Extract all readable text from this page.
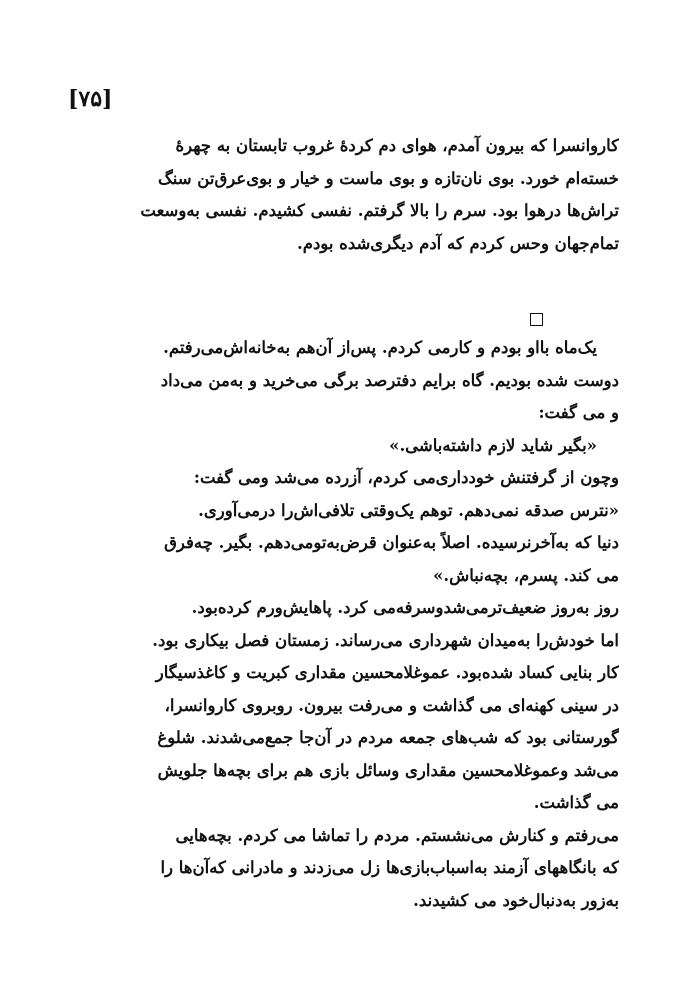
[۷۵]
کاروانسرا که بیرون آمدم، هوای دم کردهٔ غروب تابستان به چهرهٔ
خسته‌ام خورد. بوی نان‌تازه و بوی ماست و خیار و بوی‌عرق‌تن سنگ‌
تراش‌ها درهوا بود. سرم را بالا گرفتم. نفسی کشیدم. نفسی به‌وسعت
تمام‌جهان وحس کردم که آدم دیگری‌شده بودم.
یک‌ماه بااو بودم و کارمی کردم. پس‌از آن‌هم به‌خانه‌اش‌می‌رفتم.
دوست شده بودیم. گاه برایم دفترصد برگی می‌خرید و به‌من می‌داد
و می گفت:
«بگیر شاید لازم داشته‌باشی.»
وچون از گرفتنش خودداری‌می کردم، آزرده می‌شد ومی گفت:
«نترس صدقه نمی‌دهم. توهم یک‌وقتی تلافی‌اش‌را درمی‌آوری.
دنیا که به‌آخرنرسیده. اصلاً به‌عنوان قرض‌به‌تومی‌دهم. بگیر. چه‌فرق
می کند. پسرم، بچه‌نباش.»
روز به‌روز ضعیف‌ترمی‌شدوسرفه‌می کرد. پاهایش‌ورم کرده‌بود.
اما خودش‌را به‌میدان شهرداری می‌رساند. زمستان فصل بیکاری بود.
کار بنایی کساد شده‌بود. عموغلامحسین مقداری کبریت و کاغذسیگار
در سینی کهنه‌ای می گذاشت و می‌رفت بیرون. روبروی کاروانسرا،
گورستانی بود که شب‌های جمعه مردم در آن‌جا جمع‌می‌شدند. شلوغ
می‌شد وعموغلامحسین مقداری وسائل بازی هم برای بچه‌ها جلویش
می گذاشت.
می‌رفتم و کنارش می‌نشستم. مردم را تماشا می کردم. بچه‌هایی
که بانگاههای آزمند به‌اسباب‌بازی‌ها زل می‌زدند و مادرانی که‌آن‌ها را
به‌زور به‌دنبال‌خود می کشیدند.
